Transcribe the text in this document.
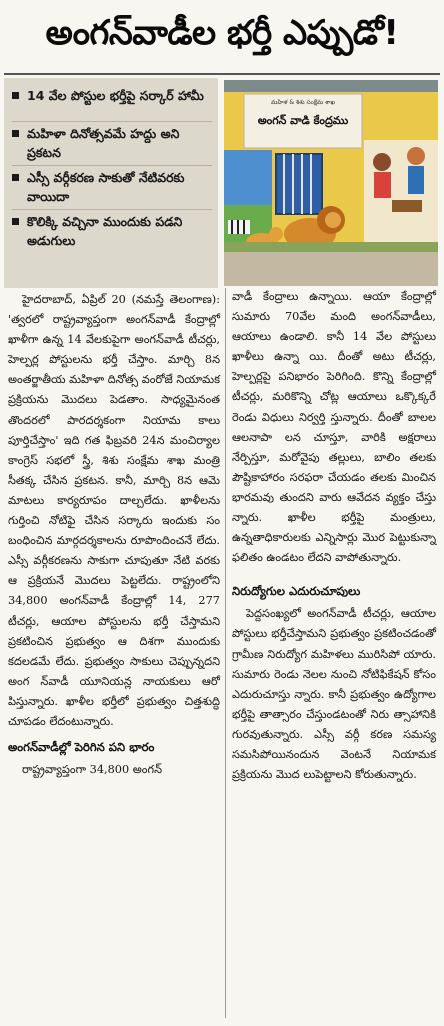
అంగన్‌వాడీల భర్తీ ఎప్పుడో!
14 వేల పోస్టుల భర్తీపై సర్కార్ హామీ
మహిళా దినోత్సవమే హద్దు అని ప్రకటన
ఎస్సీ వర్గీకరణ సాకుతో నేటివరకు వాయిదా
కొలిక్కి వచ్చినా ముందుకు పడని అడుగులు
మహిళ & శిశు సంక్షేమ శాఖ
అంగన్ వాడి కేంద్రము

హైదరాబాద్, ఏప్రిల్ 20 (నమస్తే తెలంగాణ): 'త్వరలో రాష్ట్రవ్యాప్తంగా అంగన్‌వాడీ కేంద్రాల్లో ఖాళీగా ఉన్న 14 వేలకుపైగా అంగన్‌వాడీ టీచర్లు, హెల్పర్ల పోస్టులను భర్తీ చేస్తాం. మార్చి 8న అంతర్జాతీయ మహిళా దినోత్స వంరోజే నియామక ప్రక్రియను మొదలు పెడతాం. సాధ్యమైనంత తొందరలో పారదర్శకంగా నియామ కాలు పూర్తిచేస్తాం' ఇది గత ఫిబ్రవరి 24న మంచిర్యాల కాంగ్రెస్ సభలో స్త్రీ, శిశు సంక్షేమ శాఖ మంత్రి సీతక్క చేసిన ప్రకటన. కానీ, మార్చి 8న ఆమె మాటలు కార్యరూపం దాల్చలేదు. ఖాళీలను గుర్తించి నోటిఫై చేసిన సర్కారు ఇందుకు సం బంధించిన మార్గదర్శకాలను రూపొందించనే లేదు. ఎస్సీ వర్గీకరణను సాకుగా చూపుతూ నేటి వరకు ఆ ప్రక్రియనే మొదలు పెట్టలేదు. రాష్ట్రంలోని 34,800 అంగన్‌వాడీ కేంద్రాల్లో 14, 277 టీచర్లు, ఆయాల పోస్టులను భర్తీ చేస్తామని ప్రకటించిన ప్రభుత్వం ఆ దిశగా ముందుకు కదలడమే లేదు. ప్రభుత్వం సాకులు చెప్పున్నదని అంగ న్‌వాడీ యూనియన్ల నాయకులు ఆరో పిస్తున్నారు. ఖాళీల భర్తీలో ప్రభుత్వం చిత్తశుద్ధి చూపడం లేదంటున్నారు.

అంగన్‌వాడీల్లో పెరిగిన పని భారం

రాష్ట్రవ్యాప్తంగా 34,800 అంగన్

వాడీ కేంద్రాలు ఉన్నాయి. ఆయా కేంద్రాల్లో సుమారు 70వేల మంది అంగన్‌వాడీలు, ఆయాలు ఉండాలి. కానీ 14 వేల పోస్టులు ఖాళీలు ఉన్నా యి. దీంతో అటు టీచర్లు, హెల్పర్లపై పనిభారం పెరిగింది. కొన్ని కేంద్రాల్లో టీచర్లు, మరికొన్ని చోట్ల ఆయాలు ఒక్కొక్కరే రెండు విధులు నిర్వర్తి స్తున్నారు. దీంతో బాలల ఆలనాపా లన చూస్తూ, వారికి అక్షరాలు నేర్పిస్తూ, మరోవైపు తల్లులు, బాలిం తలకు పౌష్టికాహారం సరఫరా చేయడం తలకు మించిన భారమవు తుందని వారు ఆవేదన వ్యక్తం చేస్తు న్నారు. ఖాళీల భర్తీపై మంత్రులు, ఉన్నతాధికారులకు ఎన్నిసార్లు మొర పెట్టుకున్నా ఫలితం ఉండటం లేదని వాపోతున్నారు.

నిరుద్యోగుల ఎదురుచూపులు

పెద్దసంఖ్యలో అంగన్‌వాడీ టీచర్లు, ఆయాల పోస్టులు భర్తీచేస్తామని ప్రభుత్వం ప్రకటించడంతో గ్రామీణ నిరుద్యోగ మహిళలు మురిసిపో యారు. సుమారు రెండు నెలల నుంచి నోటిఫికేషన్ కోసం ఎదురుచూస్తు న్నారు. కానీ ప్రభుత్వం ఉద్యోగాల భర్తీపై తాత్సారం చేస్తుండటంతో నిరు త్సాహానికి గురవుతున్నారు. ఎస్సీ వర్గీ కరణ సమస్య సమసిపోయినందున వెంటనే నియామక ప్రక్రియను మొద లుపెట్టాలని కోరుతున్నారు.
